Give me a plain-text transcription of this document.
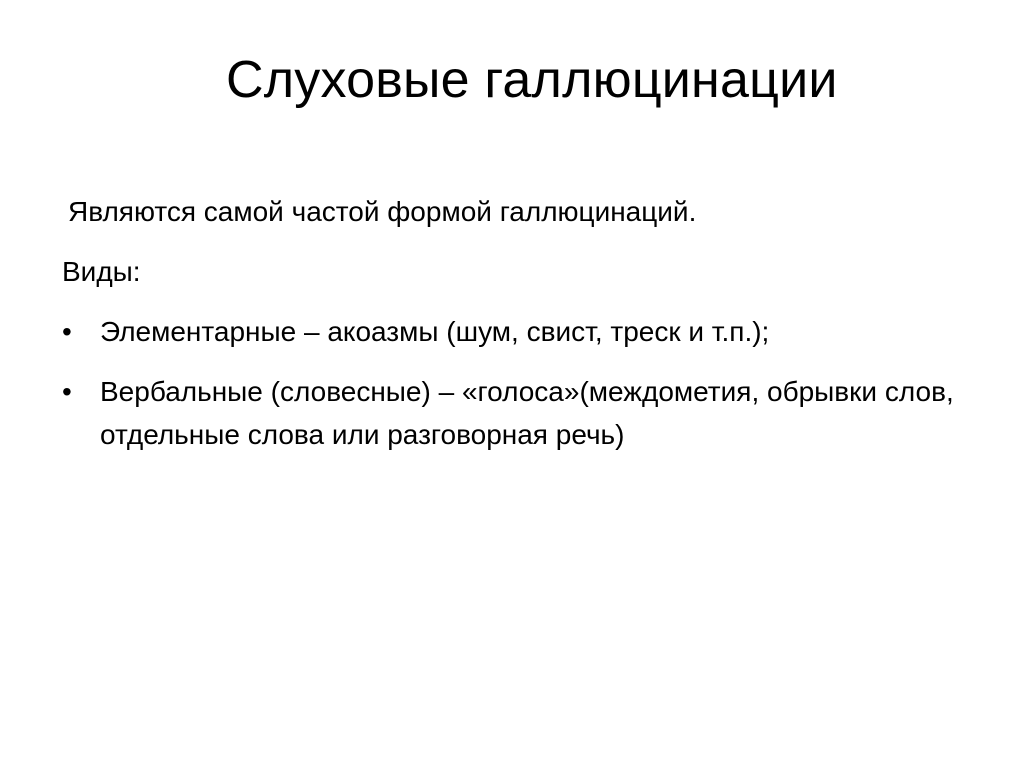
Слуховые галлюцинации
Являются самой частой формой галлюцинаций.
Виды:
•	Элементарные – акоазмы (шум, свист, треск и т.п.);
•	Вербальные (словесные) – «голоса»(междометия, обрывки слов, отдельные слова или разговорная речь)
